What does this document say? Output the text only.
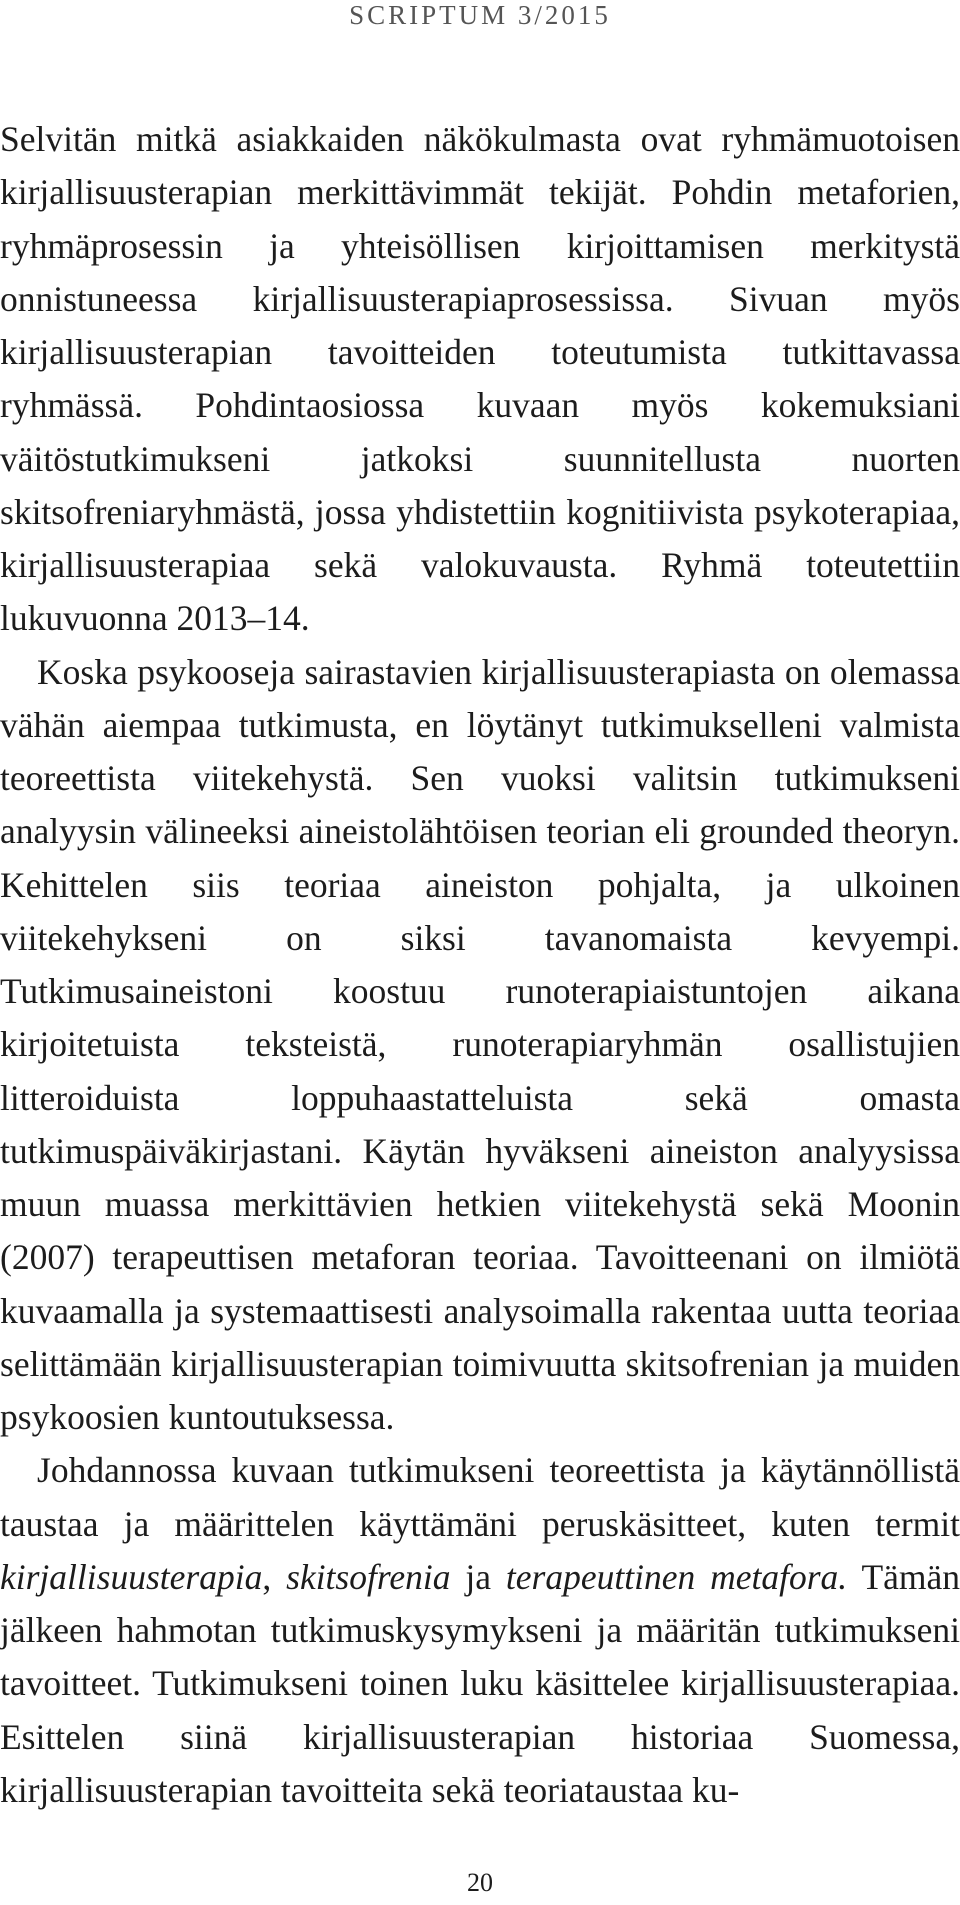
SCRIPTUM 3/2015

Selvitän mitkä asiakkaiden näkökulmasta ovat ryhmämuotoisen kirjallisuusterapian merkittävimmät tekijät. Pohdin metaforien, ryhmäprosessin ja yhteisöllisen kirjoittamisen merkitystä onnistuneessa kirjallisuusterapiaprosessissa. Sivuan myös kirjallisuusterapian tavoitteiden toteutumista tutkittavassa ryhmässä. Pohdintaosiossa kuvaan myös kokemuksiani väitöstutkimukseni jatkoksi suunnitellusta nuorten skitsofreniaryhmästä, jossa yhdistettiin kognitiivista psykoterapiaa, kirjallisuusterapiaa sekä valokuvausta. Ryhmä toteutettiin lukuvuonna 2013–14.

Koska psykooseja sairastavien kirjallisuusterapiasta on olemassa vähän aiempaa tutkimusta, en löytänyt tutkimukselleni valmista teoreettista viitekehystä. Sen vuoksi valitsin tutkimukseni analyysin välineeksi aineistolähtöisen teorian eli grounded theoryn. Kehittelen siis teoriaa aineiston pohjalta, ja ulkoinen viitekehykseni on siksi tavanomaista kevyempi. Tutkimusaineistoni koostuu runoterapiaistuntojen aikana kirjoitetuista teksteistä, runoterapiaryhmän osallistujien litteroiduista loppuhaastatteluista sekä omasta tutkimuspäiväkirjastani. Käytän hyväkseni aineiston analyysissa muun muassa merkittävien hetkien viitekehystä sekä Moonin (2007) terapeuttisen metaforan teoriaa. Tavoitteenani on ilmiötä kuvaamalla ja systemaattisesti analysoimalla rakentaa uutta teoriaa selittämään kirjallisuusterapian toimivuutta skitsofrenian ja muiden psykoosien kuntoutuksessa.

Johdannossa kuvaan tutkimukseni teoreettista ja käytännöllistä taustaa ja määrittelen käyttämäni peruskäsitteet, kuten termit kirjallisuusterapia, skitsofrenia ja terapeuttinen metafora. Tämän jälkeen hahmotan tutkimuskysymykseni ja määritän tutkimukseni tavoitteet. Tutkimukseni toinen luku käsittelee kirjallisuusterapiaa. Esittelen siinä kirjallisuusterapian historiaa Suomessa, kirjallisuusterapian tavoitteita sekä teoriataustaa ku-

20
